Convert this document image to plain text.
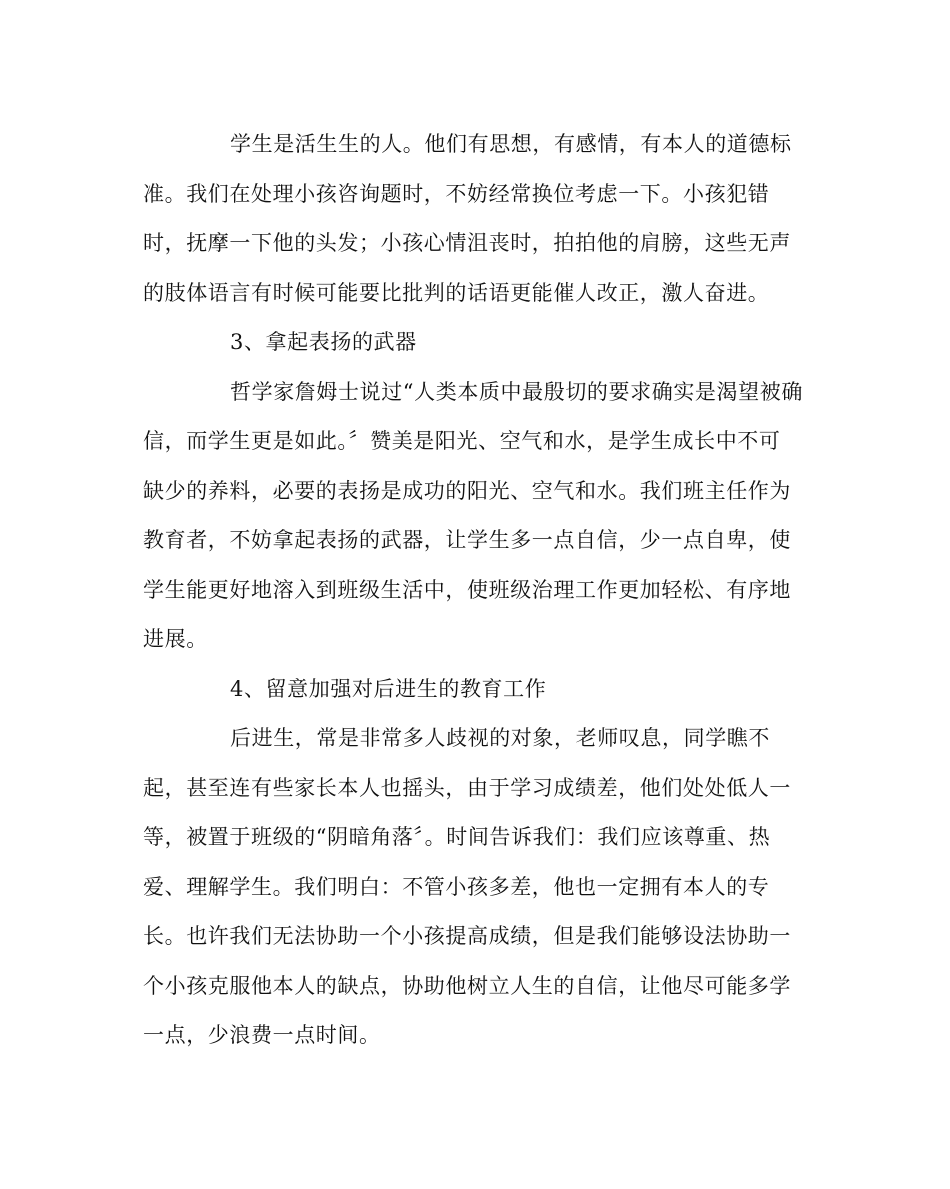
学生是活生生的人。他们有思想，有感情，有本人的道德标
准。我们在处理小孩咨询题时，不妨经常换位考虑一下。小孩犯错
时，抚摩一下他的头发；小孩心情沮丧时，拍拍他的肩膀，这些无声
的肢体语言有时候可能要比批判的话语更能催人改正，激人奋进。
3、拿起表扬的武器
哲学家詹姆士说过“人类本质中最殷切的要求确实是渴望被确
信，而学生更是如此。〞赞美是阳光、空气和水，是学生成长中不可
缺少的养料，必要的表扬是成功的阳光、空气和水。我们班主任作为
教育者，不妨拿起表扬的武器，让学生多一点自信，少一点自卑，使
学生能更好地溶入到班级生活中，使班级治理工作更加轻松、有序地
进展。
4、留意加强对后进生的教育工作
后进生，常是非常多人歧视的对象，老师叹息，同学瞧不
起，甚至连有些家长本人也摇头，由于学习成绩差，他们处处低人一
等，被置于班级的“阴暗角落〞。时间告诉我们：我们应该尊重、热
爱、理解学生。我们明白：不管小孩多差，他也一定拥有本人的专
长。也许我们无法协助一个小孩提高成绩，但是我们能够设法协助一
个小孩克服他本人的缺点，协助他树立人生的自信，让他尽可能多学
一点，少浪费一点时间。
